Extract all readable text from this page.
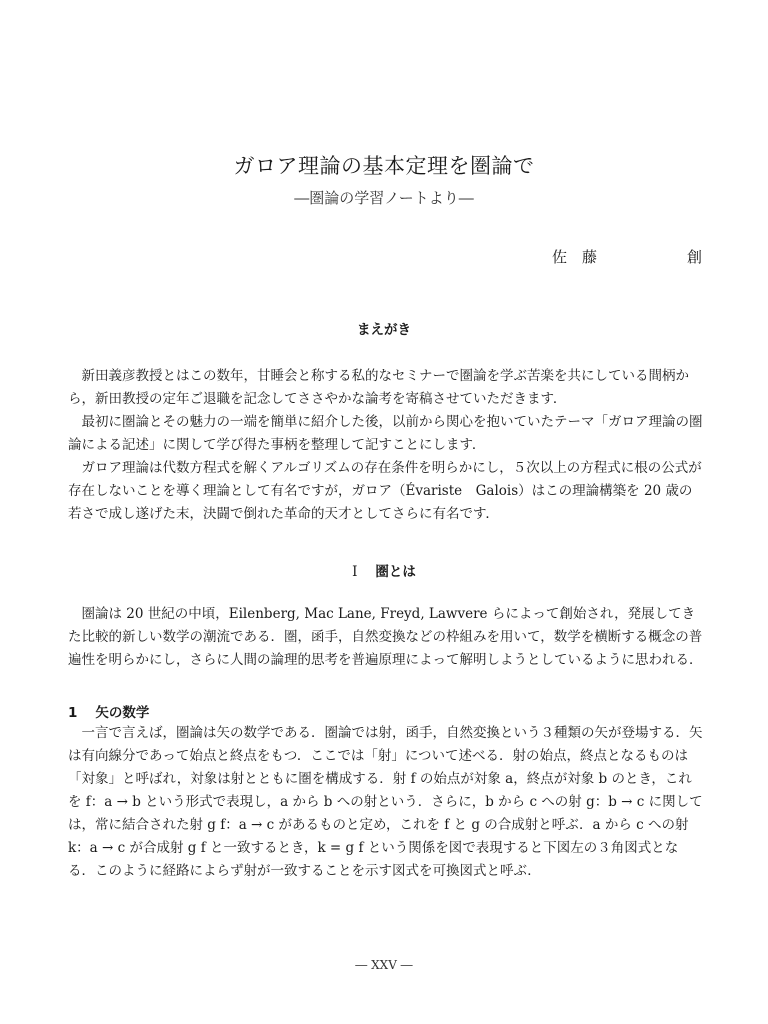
ガロア理論の基本定理を圏論で
―圏論の学習ノートより―
佐　藤	創
まえがき

新田義彦教授とはこの数年，甘睡会と称する私的なセミナーで圏論を学ぶ苦楽を共にしている間柄から，新田教授の定年ご退職を記念してささやかな論考を寄稿させていただきます．

最初に圏論とその魅力の一端を簡単に紹介した後，以前から関心を抱いていたテーマ「ガロア理論の圏論による記述」に関して学び得た事柄を整理して記すことにします．

ガロア理論は代数方程式を解くアルゴリズムの存在条件を明らかにし，５次以上の方程式に根の公式が存在しないことを導く理論として有名ですが，ガロア（Évariste　Galois）はこの理論構築を 20 歳の若さで成し遂げた末，決闘で倒れた革命的天才としてさらに有名です．

I 圏とは

圏論は 20 世紀の中頃，Eilenberg, Mac Lane, Freyd, Lawvere らによって創始され，発展してきた比較的新しい数学の潮流である．圏，函手，自然変換などの枠組みを用いて，数学を横断する概念の普遍性を明らかにし，さらに人間の論理的思考を普遍原理によって解明しようとしているように思われる．

1 矢の数学

一言で言えば，圏論は矢の数学である．圏論では射，函手，自然変換という３種類の矢が登場する．矢は有向線分であって始点と終点をもつ．ここでは「射」について述べる．射の始点，終点となるものは「対象」と呼ばれ，対象は射とともに圏を構成する．射 f の始点が対象 a，終点が対象 b のとき，これを f：a → b という形式で表現し，a から b への射という．さらに，b から c への射 g：b → c に関しては，常に結合された射 g f：a → c があるものと定め，これを f と g の合成射と呼ぶ．a から c への射 k：a → c が合成射 g f と一致するとき，k = g f という関係を図で表現すると下図左の３角図式となる．このように経路によらず射が一致することを示す図式を可換図式と呼ぶ．

― XXV ―
